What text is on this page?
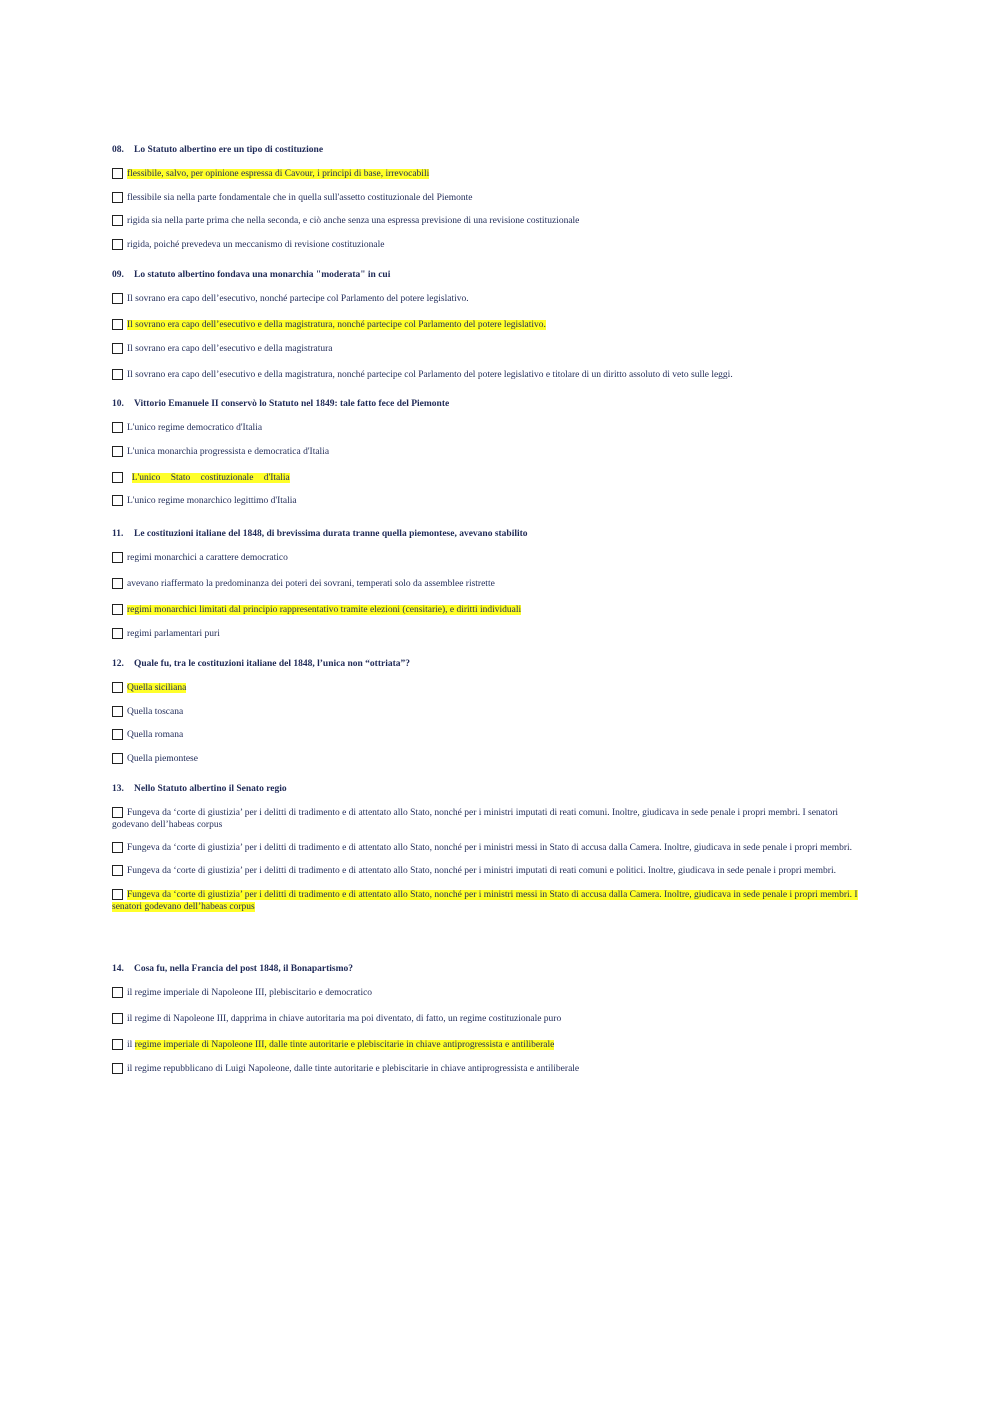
08. Lo Statuto albertino ere un tipo di costituzione
flessibile, salvo, per opinione espressa di Cavour, i principi di base, irrevocabili
flessibile sia nella parte fondamentale che in quella sull'assetto costituzionale del Piemonte
rigida sia nella parte prima che nella seconda, e ciò anche senza una espressa previsione di una revisione costituzionale
rigida, poiché prevedeva un meccanismo di revisione costituzionale
09. Lo statuto albertino fondava una monarchia "moderata" in cui
Il sovrano era capo dell’esecutivo, nonché partecipe col Parlamento del potere legislativo.
Il sovrano era capo dell’esecutivo e della magistratura, nonché partecipe col Parlamento del potere legislativo.
Il sovrano era capo dell’esecutivo e della magistratura
Il sovrano era capo dell’esecutivo e della magistratura, nonché partecipe col Parlamento del potere legislativo e titolare di un diritto assoluto di veto sulle leggi.
10. Vittorio Emanuele II conservò lo Statuto nel 1849: tale fatto fece del Piemonte
L'unico regime democratico d'Italia
L'unica monarchia progressista e democratica d'Italia
L'unico Stato costituzionale d'Italia
L'unico regime monarchico legittimo d'Italia
11. Le costituzioni italiane del 1848, di brevissima durata tranne quella piemontese, avevano stabilito
regimi monarchici a carattere democratico
avevano riaffermato la predominanza dei poteri dei sovrani, temperati solo da assemblee ristrette
regimi monarchici limitati dal principio rappresentativo tramite elezioni (censitarie), e diritti individuali
regimi parlamentari puri
12. Quale fu, tra le costituzioni italiane del 1848, l’unica non “ottriata”?
Quella siciliana
Quella toscana
Quella romana
Quella piemontese
13. Nello Statuto albertino il Senato regio
Fungeva da ‘corte di giustizia’ per i delitti di tradimento e di attentato allo Stato, nonché per i ministri imputati di reati comuni. Inoltre, giudicava in sede penale i propri membri. I senatori godevano dell’habeas corpus
Fungeva da ‘corte di giustizia’ per i delitti di tradimento e di attentato allo Stato, nonché per i ministri messi in Stato di accusa dalla Camera. Inoltre, giudicava in sede penale i propri membri.
Fungeva da ‘corte di giustizia’ per i delitti di tradimento e di attentato allo Stato, nonché per i ministri imputati di reati comuni e politici. Inoltre, giudicava in sede penale i propri membri.
Fungeva da ‘corte di giustizia’ per i delitti di tradimento e di attentato allo Stato, nonché per i ministri messi in Stato di accusa dalla Camera. Inoltre, giudicava in sede penale i propri membri. I senatori godevano dell’habeas corpus
14. Cosa fu, nella Francia del post 1848, il Bonapartismo?
il regime imperiale di Napoleone III, plebiscitario e democratico
il regime di Napoleone III, dapprima in chiave autoritaria ma poi diventato, di fatto, un regime costituzionale puro
il regime imperiale di Napoleone III, dalle tinte autoritarie e plebiscitarie in chiave antiprogressista e antiliberale
il regime repubblicano di Luigi Napoleone, dalle tinte autoritarie e plebiscitarie in chiave antiprogressista e antiliberale
